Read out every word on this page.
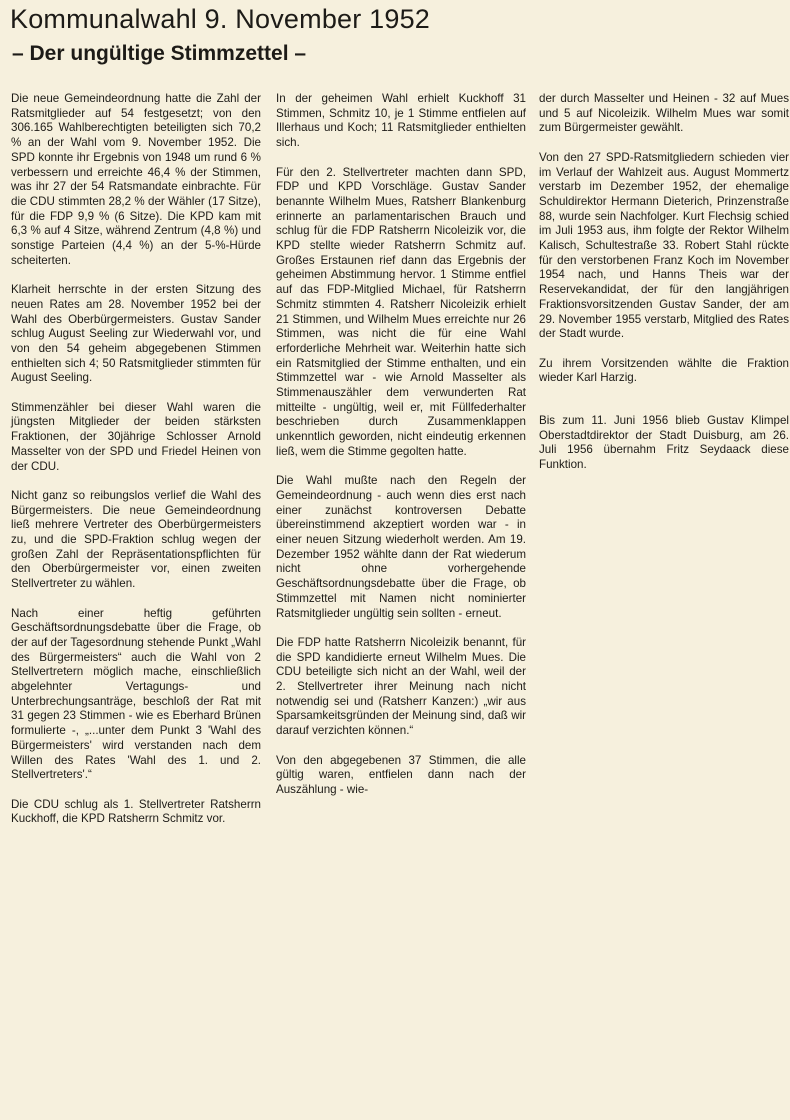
Kommunalwahl 9. November 1952
– Der ungültige Stimmzettel –

Die neue Gemeindeordnung hatte die Zahl der Ratsmitglieder auf 54 festgesetzt; von den 306.165 Wahlberechtigten beteiligten sich 70,2 % an der Wahl vom 9. November 1952. Die SPD konnte ihr Ergebnis von 1948 um rund 6 % verbessern und erreichte 46,4 % der Stimmen, was ihr 27 der 54 Ratsmandate einbrachte. Für die CDU stimmten 28,2 % der Wähler (17 Sitze), für die FDP 9,9 % (6 Sitze). Die KPD kam mit 6,3 % auf 4 Sitze, während Zentrum (4,8 %) und sonstige Parteien (4,4 %) an der 5-%-Hürde scheiterten.

Klarheit herrschte in der ersten Sitzung des neuen Rates am 28. November 1952 bei der Wahl des Oberbürgermeisters. Gustav Sander schlug August Seeling zur Wiederwahl vor, und von den 54 geheim abgegebenen Stimmen enthielten sich 4; 50 Ratsmitglieder stimmten für August Seeling.

Stimmenzähler bei dieser Wahl waren die jüngsten Mitglieder der beiden stärksten Fraktionen, der 30jährige Schlosser Arnold Masselter von der SPD und Friedel Heinen von der CDU.

Nicht ganz so reibungslos verlief die Wahl des Bürgermeisters. Die neue Gemeindeordnung ließ mehrere Vertreter des Oberbürgermeisters zu, und die SPD-Fraktion schlug wegen der großen Zahl der Repräsentationspflichten für den Oberbürgermeister vor, einen zweiten Stellvertreter zu wählen.

Nach einer heftig geführten Geschäftsordnungsdebatte über die Frage, ob der auf der Tagesordnung stehende Punkt „Wahl des Bürgermeisters“ auch die Wahl von 2 Stellvertretern möglich mache, einschließlich abgelehnter Vertagungs- und Unterbrechungsanträge, beschloß der Rat mit 31 gegen 23 Stimmen - wie es Eberhard Brünen formulierte -, „...unter dem Punkt 3 'Wahl des Bürgermeisters' wird verstanden nach dem Willen des Rates 'Wahl des 1. und 2. Stellvertreters'.“

Die CDU schlug als 1. Stellvertreter Ratsherrn Kuckhoff, die KPD Ratsherrn Schmitz vor.

In der geheimen Wahl erhielt Kuckhoff 31 Stimmen, Schmitz 10, je 1 Stimme entfielen auf Illerhaus und Koch; 11 Ratsmitglieder enthielten sich.

Für den 2. Stellvertreter machten dann SPD, FDP und KPD Vorschläge. Gustav Sander benannte Wilhelm Mues, Ratsherr Blankenburg erinnerte an parlamentarischen Brauch und schlug für die FDP Ratsherrn Nicoleizik vor, die KPD stellte wieder Ratsherrn Schmitz auf. Großes Erstaunen rief dann das Ergebnis der geheimen Abstimmung hervor. 1 Stimme entfiel auf das FDP-Mitglied Michael, für Ratsherrn Schmitz stimmten 4. Ratsherr Nicoleizik erhielt 21 Stimmen, und Wilhelm Mues erreichte nur 26 Stimmen, was nicht die für eine Wahl erforderliche Mehrheit war. Weiterhin hatte sich ein Ratsmitglied der Stimme enthalten, und ein Stimmzettel war - wie Arnold Masselter als Stimmenauszähler dem verwunderten Rat mitteilte - ungültig, weil er, mit Füllfederhalter beschrieben durch Zusammenklappen unkenntlich geworden, nicht eindeutig erkennen ließ, wem die Stimme gegolten hatte.

Die Wahl mußte nach den Regeln der Gemeindeordnung - auch wenn dies erst nach einer zunächst kontroversen Debatte übereinstimmend akzeptiert worden war - in einer neuen Sitzung wiederholt werden. Am 19. Dezember 1952 wählte dann der Rat wiederum nicht ohne vorhergehende Geschäftsordnungsdebatte über die Frage, ob Stimmzettel mit Namen nicht nominierter Ratsmitglieder ungültig sein sollten - erneut.

Die FDP hatte Ratsherrn Nicoleizik benannt, für die SPD kandidierte erneut Wilhelm Mues. Die CDU beteiligte sich nicht an der Wahl, weil der 2. Stellvertreter ihrer Meinung nach nicht notwendig sei und (Ratsherr Kanzen:) „wir aus Sparsamkeitsgründen der Meinung sind, daß wir darauf verzichten können.“

Von den abgegebenen 37 Stimmen, die alle gültig waren, entfielen dann nach der Auszählung - wie-

der durch Masselter und Heinen - 32 auf Mues und 5 auf Nicoleizik. Wilhelm Mues war somit zum Bürgermeister gewählt.

Von den 27 SPD-Ratsmitgliedern schieden vier im Verlauf der Wahlzeit aus. August Mommertz verstarb im Dezember 1952, der ehemalige Schuldirektor Hermann Dieterich, Prinzenstraße 88, wurde sein Nachfolger. Kurt Flechsig schied im Juli 1953 aus, ihm folgte der Rektor Wilhelm Kalisch, Schultestraße 33. Robert Stahl rückte für den verstorbenen Franz Koch im November 1954 nach, und Hanns Theis war der Reservekandidat, der für den langjährigen Fraktionsvorsitzenden Gustav Sander, der am 29. November 1955 verstarb, Mitglied des Rates der Stadt wurde.

Zu ihrem Vorsitzenden wählte die Fraktion wieder Karl Harzig.

Bis zum 11. Juni 1956 blieb Gustav Klimpel Oberstadtdirektor der Stadt Duisburg, am 26. Juli 1956 übernahm Fritz Seydaack diese Funktion.
